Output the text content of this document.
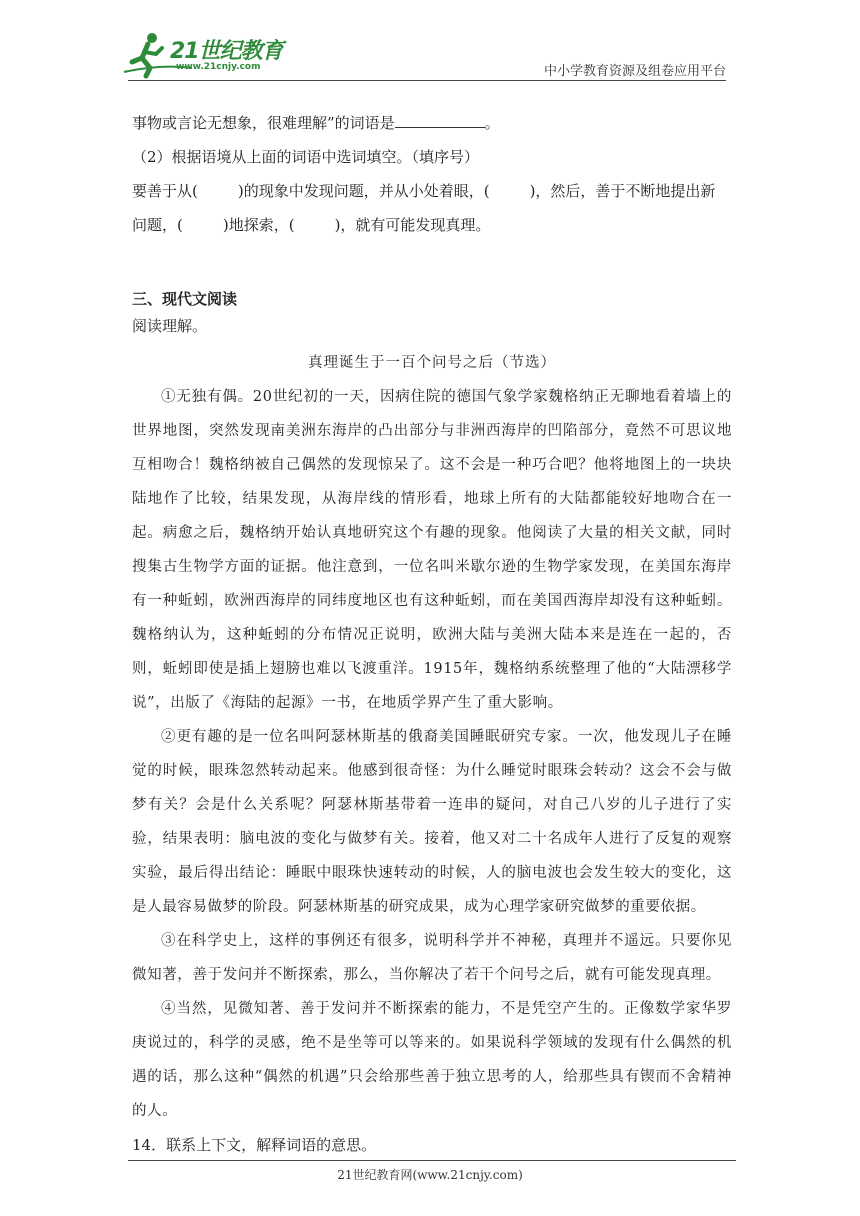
21世纪教育
www.21cnjy.com	中小学教育资源及组卷应用平台
事物或言论无想象，很难理解”的词语是	。
（2）根据语境从上面的词语中选词填空。（填序号）
要善于从(	)的现象中发现问题，并从小处着眼，(	)，然后，善于不断地提出新
问题，(	)地探索，(	)，就有可能发现真理。
三、现代文阅读
阅读理解。
真理诞生于一百个问号之后（节选）

①无独有偶。20世纪初的一天，因病住院的德国气象学家魏格纳正无聊地看着墙上的世界地图，突然发现南美洲东海岸的凸出部分与非洲西海岸的凹陷部分，竟然不可思议地互相吻合！魏格纳被自己偶然的发现惊呆了。这不会是一种巧合吧？他将地图上的一块块陆地作了比较，结果发现，从海岸线的情形看，地球上所有的大陆都能较好地吻合在一起。病愈之后，魏格纳开始认真地研究这个有趣的现象。他阅读了大量的相关文献，同时搜集古生物学方面的证据。他注意到，一位名叫米歇尔逊的生物学家发现，在美国东海岸有一种蚯蚓，欧洲西海岸的同纬度地区也有这种蚯蚓，而在美国西海岸却没有这种蚯蚓。魏格纳认为，这种蚯蚓的分布情况正说明，欧洲大陆与美洲大陆本来是连在一起的，否则，蚯蚓即使是插上翅膀也难以飞渡重洋。1915年，魏格纳系统整理了他的“大陆漂移学说”，出版了《海陆的起源》一书，在地质学界产生了重大影响。

②更有趣的是一位名叫阿瑟林斯基的俄裔美国睡眠研究专家。一次，他发现儿子在睡觉的时候，眼珠忽然转动起来。他感到很奇怪：为什么睡觉时眼珠会转动？这会不会与做梦有关？会是什么关系呢？阿瑟林斯基带着一连串的疑问，对自己八岁的儿子进行了实验，结果表明：脑电波的变化与做梦有关。接着，他又对二十名成年人进行了反复的观察实验，最后得出结论：睡眠中眼珠快速转动的时候，人的脑电波也会发生较大的变化，这是人最容易做梦的阶段。阿瑟林斯基的研究成果，成为心理学家研究做梦的重要依据。

③在科学史上，这样的事例还有很多，说明科学并不神秘，真理并不遥远。只要你见微知著，善于发问并不断探索，那么，当你解决了若干个问号之后，就有可能发现真理。

④当然，见微知著、善于发问并不断探索的能力，不是凭空产生的。正像数学家华罗庚说过的，科学的灵感，绝不是坐等可以等来的。如果说科学领域的发现有什么偶然的机遇的话，那么这种“偶然的机遇”只会给那些善于独立思考的人，给那些具有锲而不舍精神的人。

14．联系上下文，解释词语的意思。
21世纪教育网(www.21cnjy.com)
